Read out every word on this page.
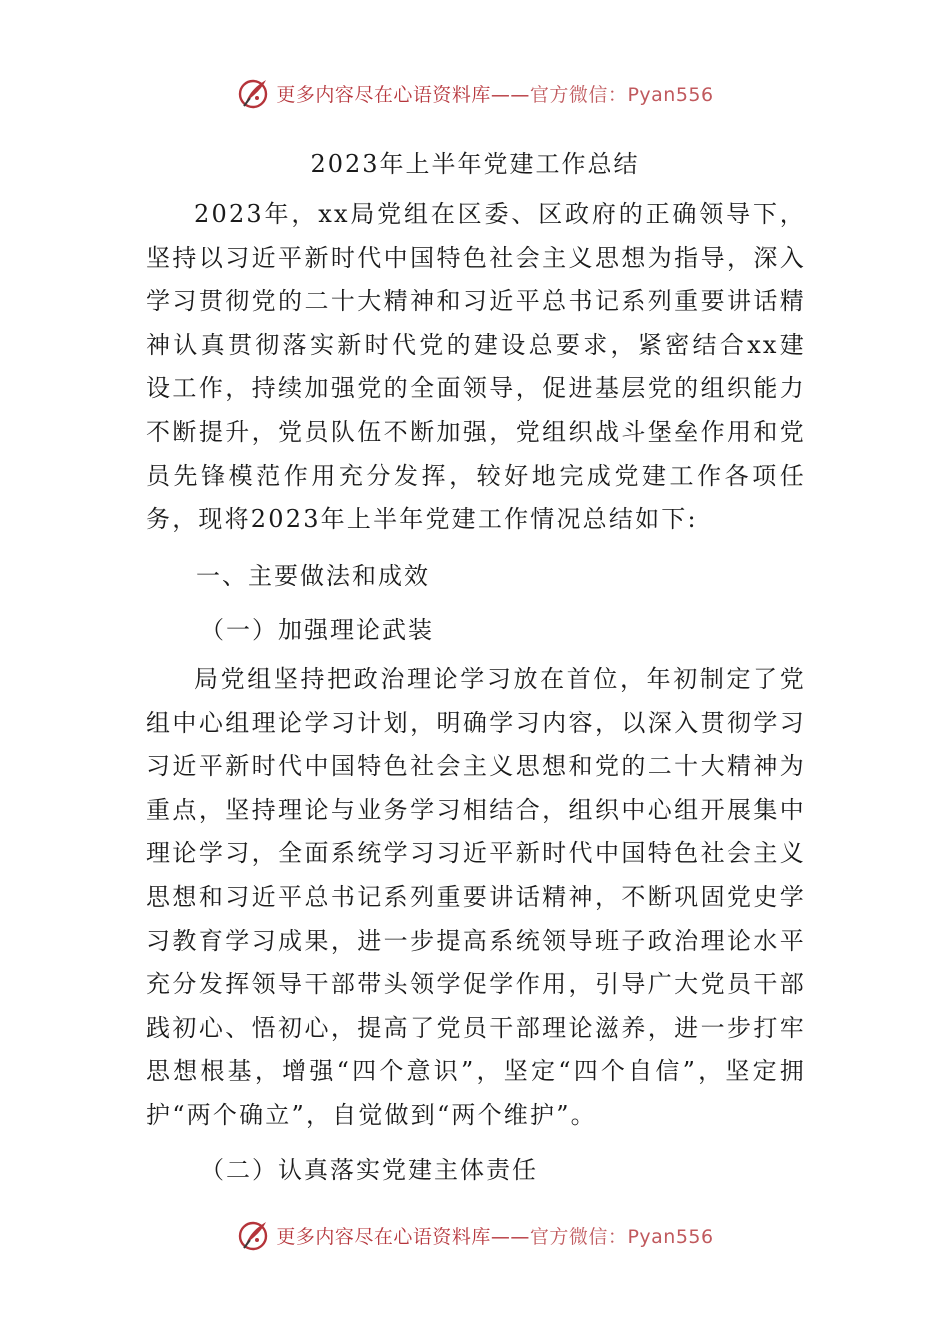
更多内容尽在心语资料库——官方微信：Pyan556
2023年上半年党建工作总结

2023年，xx局党组在区委、区政府的正确领导下，坚持以习近平新时代中国特色社会主义思想为指导，深入学习贯彻党的二十大精神和习近平总书记系列重要讲话精神认真贯彻落实新时代党的建设总要求，紧密结合xx建设工作，持续加强党的全面领导，促进基层党的组织能力不断提升，党员队伍不断加强，党组织战斗堡垒作用和党员先锋模范作用充分发挥，较好地完成党建工作各项任务，现将2023年上半年党建工作情况总结如下:

一、主要做法和成效
（一）加强理论武装

局党组坚持把政治理论学习放在首位，年初制定了党组中心组理论学习计划，明确学习内容，以深入贯彻学习习近平新时代中国特色社会主义思想和党的二十大精神为重点，坚持理论与业务学习相结合，组织中心组开展集中理论学习，全面系统学习习近平新时代中国特色社会主义思想和习近平总书记系列重要讲话精神，不断巩固党史学习教育学习成果，进一步提高系统领导班子政治理论水平充分发挥领导干部带头领学促学作用，引导广大党员干部践初心、悟初心，提高了党员干部理论滋养，进一步打牢思想根基，增强“四个意识”，坚定“四个自信”，坚定拥护“两个确立”，自觉做到“两个维护”。

（二）认真落实党建主体责任
更多内容尽在心语资料库——官方微信：Pyan556
